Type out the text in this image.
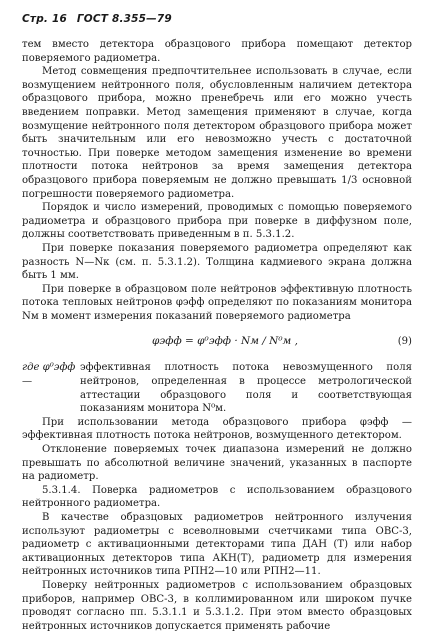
Стр. 16 ГОСТ 8.355—79

тем вместо детектора образцового прибора помещают детектор поверяемого радиометра.

Метод совмещения предпочтительнее использовать в случае, если возмущением нейтронного поля, обусловленным наличием детектора образцового прибора, можно пренебречь или его можно учесть введением поправки. Метод замещения применяют в случае, когда возмущение нейтронного поля детектором образцового прибора может быть значительным или его невозможно учесть с достаточной точностью. При поверке методом замещения изменение во времени плотности потока нейтронов за время замещения детектора образцового прибора поверяемым не должно превышать 1/3 основной погрешности поверяемого радиометра.

Порядок и число измерений, проводимых с помощью поверяемого радиометра и образцового прибора при поверке в диффузном поле, должны соответствовать приведенным в п. 5.3.1.2.

При поверке показания поверяемого радиометра определяют как разность N—Nк (см. п. 5.3.1.2). Толщина кадмиевого экрана должна быть 1 мм.

При поверке в образцовом поле нейтронов эффективную плотность потока тепловых нейтронов φэфф определяют по показаниям монитора Nм в момент измерения показаний поверяемого радиометра

φэфф = φ⁰эфф · Nм / N⁰м ,	(9)
где φ⁰эфф —
эффективная плотность потока невозмущенного поля нейтронов, определенная в процессе метрологической аттестации образцового поля и соответствующая показаниям монитора N⁰м.

При использовании метода образцового прибора φэфф — эффективная плотность потока нейтронов, возмущенного детектором.

Отклонение поверяемых точек диапазона измерений не должно превышать по абсолютной величине значений, указанных в паспорте на радиометр.

5.3.1.4. Поверка радиометров с использованием образцового нейтронного радиометра.

В качестве образцовых радиометров нейтронного излучения используют радиометры с всеволновыми счетчиками типа ОВС-3, радиометр с активационными детекторами типа ДАН (Т) или набор активационных детекторов типа АКН(Т), радиометр для измерения нейтронных источников типа РПН2—10 или РПН2—11.

Поверку нейтронных радиометров с использованием образцовых приборов, например ОВС-3, в коллимированном или широком пучке проводят согласно пп. 5.3.1.1 и 5.3.1.2. При этом вместо образцовых нейтронных источников допускается применять рабочие
